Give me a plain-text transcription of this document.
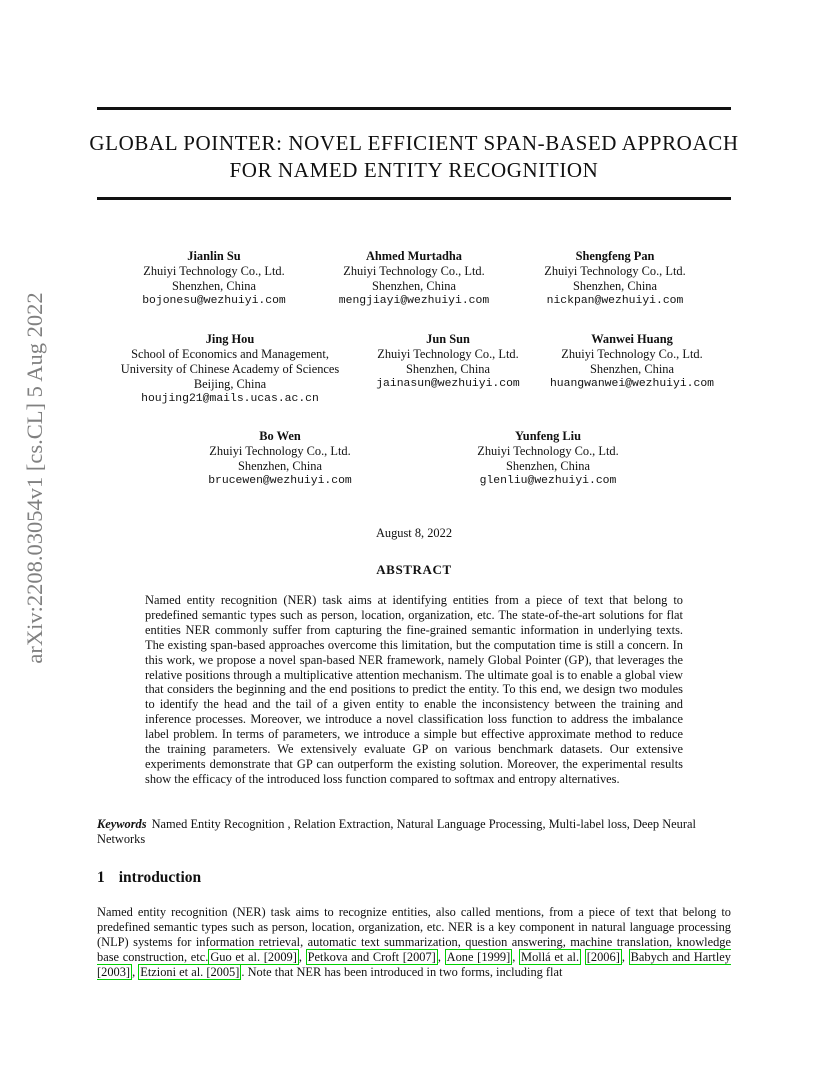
GLOBAL POINTER: NOVEL EFFICIENT SPAN-BASED APPROACH
FOR NAMED ENTITY RECOGNITION
arXiv:2208.03054v1 [cs.CL] 5 Aug 2022
Jianlin Su
Zhuiyi Technology Co., Ltd.
Shenzhen, China
bojonesu@wezhuiyi.com
Ahmed Murtadha
Zhuiyi Technology Co., Ltd.
Shenzhen, China
mengjiayi@wezhuiyi.com
Shengfeng Pan
Zhuiyi Technology Co., Ltd.
Shenzhen, China
nickpan@wezhuiyi.com
Jing Hou
School of Economics and Management,
University of Chinese Academy of Sciences
Beijing, China
houjing21@mails.ucas.ac.cn
Jun Sun
Zhuiyi Technology Co., Ltd.
Shenzhen, China
jainasun@wezhuiyi.com
Wanwei Huang
Zhuiyi Technology Co., Ltd.
Shenzhen, China
huangwanwei@wezhuiyi.com
Bo Wen
Zhuiyi Technology Co., Ltd.
Shenzhen, China
brucewen@wezhuiyi.com
Yunfeng Liu
Zhuiyi Technology Co., Ltd.
Shenzhen, China
glenliu@wezhuiyi.com
August 8, 2022
ABSTRACT
Named entity recognition (NER) task aims at identifying entities from a piece of text that belong to predefined semantic types such as person, location, organization, etc. The state-of-the-art solutions for flat entities NER commonly suffer from capturing the fine-grained semantic information in underlying texts. The existing span-based approaches overcome this limitation, but the computation time is still a concern. In this work, we propose a novel span-based NER framework, namely Global Pointer (GP), that leverages the relative positions through a multiplicative attention mechanism. The ultimate goal is to enable a global view that considers the beginning and the end positions to predict the entity. To this end, we design two modules to identify the head and the tail of a given entity to enable the inconsistency between the training and inference processes. Moreover, we introduce a novel classification loss function to address the imbalance label problem. In terms of parameters, we introduce a simple but effective approximate method to reduce the training parameters. We extensively evaluate GP on various benchmark datasets. Our extensive experiments demonstrate that GP can outperform the existing solution. Moreover, the experimental results show the efficacy of the introduced loss function compared to softmax and entropy alternatives.
Keywords Named Entity Recognition , Relation Extraction, Natural Language Processing, Multi-label loss, Deep Neural Networks
1 introduction
Named entity recognition (NER) task aims to recognize entities, also called mentions, from a piece of text that belong to predefined semantic types such as person, location, organization, etc. NER is a key component in natural language processing (NLP) systems for information retrieval, automatic text summarization, question answering, machine translation, knowledge base construction, etc. Guo et al. [2009] , Petkova and Croft [2007] , Aone [1999] , Mollá et al. [2006] , Babych and Hartley [2003] , Etzioni et al. [2005] . Note that NER has been introduced in two forms, including flat
